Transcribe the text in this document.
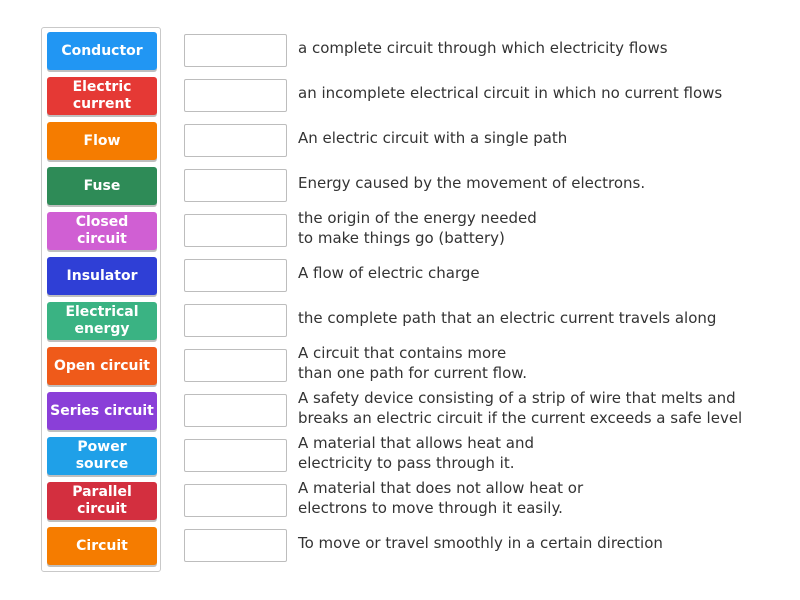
Conductor
Electric current
Flow
Fuse
Closed circuit
Insulator
Electrical energy
Open circuit
Series circuit
Power source
Parallel circuit
Circuit
a complete circuit through which electricity flows
an incomplete electrical circuit in which no current flows
An electric circuit with a single path
Energy caused by the movement of electrons.
the origin of the energy needed
to make things go (battery)
A flow of electric charge
the complete path that an electric current travels along
A circuit that contains more
than one path for current flow.
A safety device consisting of a strip of wire that melts and
breaks an electric circuit if the current exceeds a safe level
A material that allows heat and
electricity to pass through it.
A material that does not allow heat or
electrons to move through it easily.
To move or travel smoothly in a certain direction
